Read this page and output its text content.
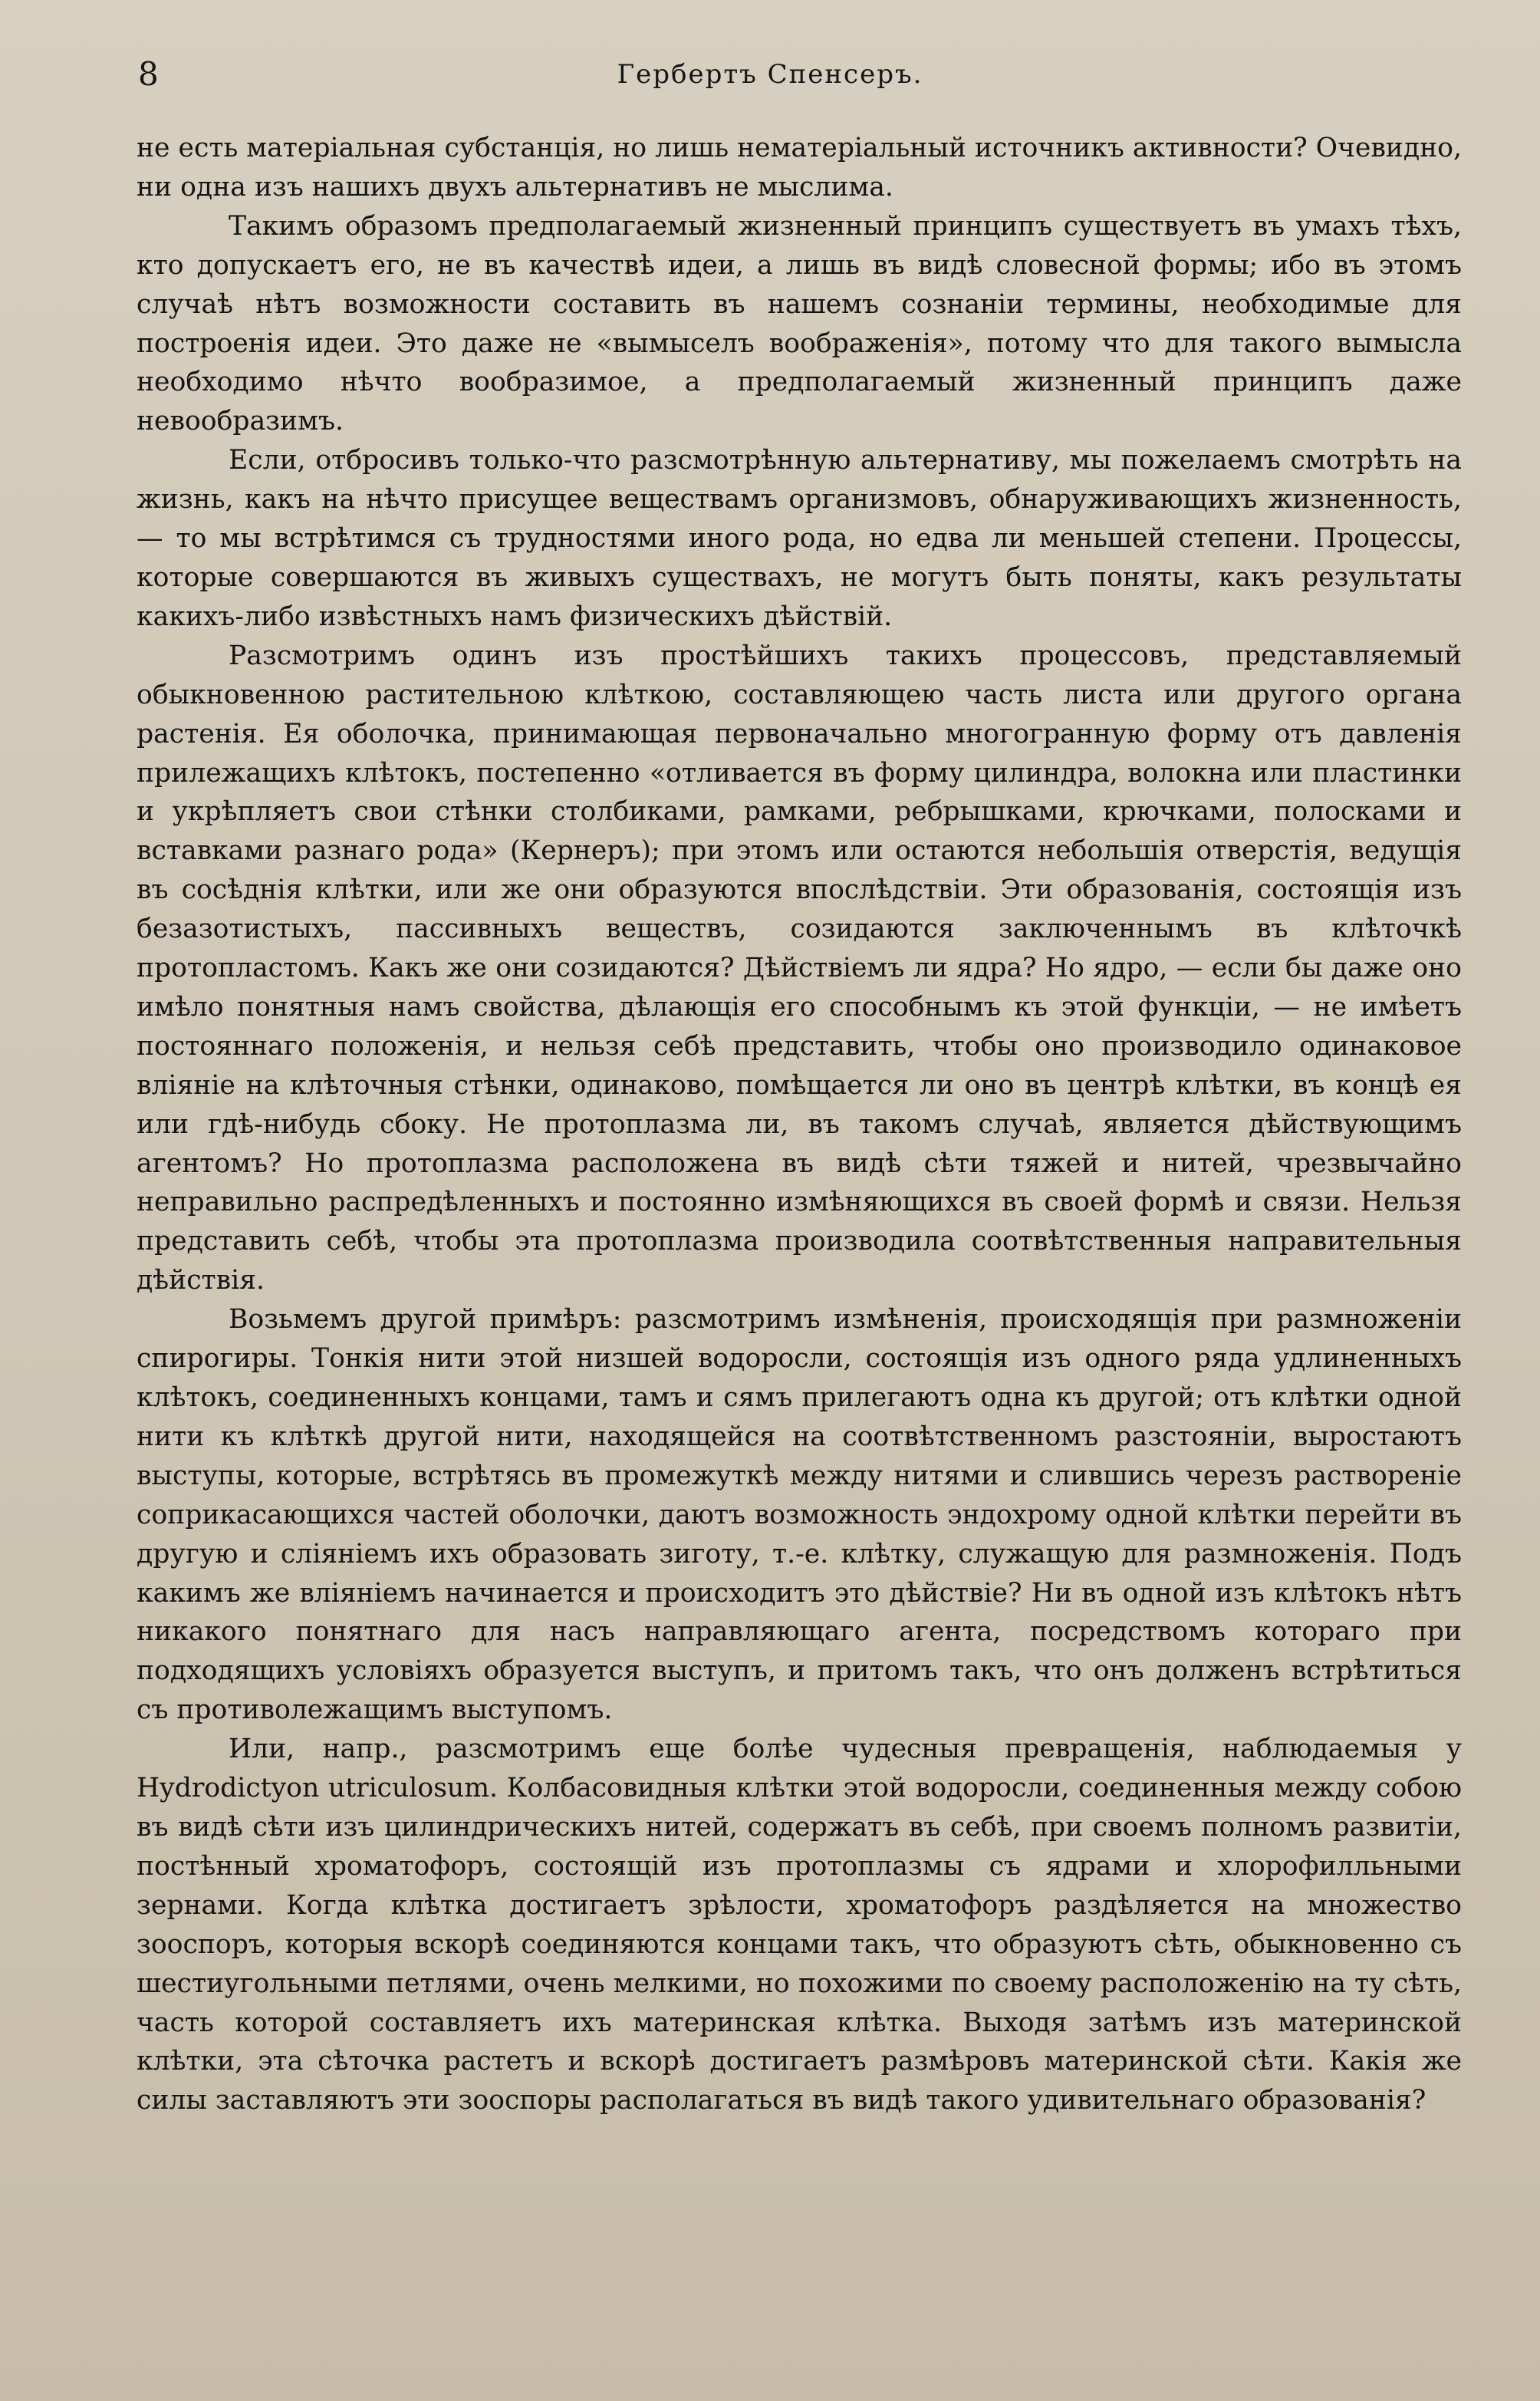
8	Гербертъ Спенсеръ.

не есть матеріальная субстанція, но лишь нематеріальный источникъ активности? Очевидно, ни одна изъ нашихъ двухъ альтернативъ не мыслима.

Такимъ образомъ предполагаемый жизненный принципъ существуетъ въ умахъ тѣхъ, кто допускаетъ его, не въ качествѣ идеи, а лишь въ видѣ словесной формы; ибо въ этомъ случаѣ нѣтъ возможности составить въ нашемъ сознаніи термины, необходимые для построенія идеи. Это даже не «вымыселъ воображенія», потому что для такого вымысла необходимо нѣчто вообразимое, а предполагаемый жизненный принципъ даже невообразимъ.

Если, отбросивъ только-что разсмотрѣнную альтернативу, мы пожелаемъ смотрѣть на жизнь, какъ на нѣчто присущее веществамъ организмовъ, обнаруживающихъ жизненность,— то мы встрѣтимся съ трудностями иного рода, но едва ли меньшей степени. Процессы, которые совершаются въ живыхъ существахъ, не могутъ быть поняты, какъ результаты какихъ-либо извѣстныхъ намъ физическихъ дѣйствій.

Разсмотримъ одинъ изъ простѣйшихъ такихъ процессовъ, представляемый обыкновенною растительною клѣткою, составляющею часть листа или другого органа растенія. Ея оболочка, принимающая первоначально многогранную форму отъ давленія прилежащихъ клѣтокъ, постепенно «отливается въ форму цилиндра, волокна или пластинки и укрѣпляетъ свои стѣнки столбиками, рамками, ребрышками, крючками, полосками и вставками разнаго рода» (Кернеръ); при этомъ или остаются небольшія отверстія, ведущія въ сосѣднія клѣтки, или же они образуются впослѣдствіи. Эти образованія, состоящія изъ безазотистыхъ, пассивныхъ веществъ, созидаются заключеннымъ въ клѣточкѣ протопластомъ. Какъ же они созидаются? Дѣйствіемъ ли ядра? Но ядро, — если бы даже оно имѣло понятныя намъ свойства, дѣлающія его способнымъ къ этой функціи, — не имѣетъ постояннаго положенія, и нельзя себѣ представить, чтобы оно производило одинаковое вліяніе на клѣточныя стѣнки, одинаково, помѣщается ли оно въ центрѣ клѣтки, въ концѣ ея или гдѣ-нибудь сбоку. Не протоплазма ли, въ такомъ случаѣ, является дѣйствующимъ агентомъ? Но протоплазма расположена въ видѣ сѣти тяжей и нитей, чрезвычайно неправильно распредѣленныхъ и постоянно измѣняющихся въ своей формѣ и связи. Нельзя представить себѣ, чтобы эта протоплазма производила соотвѣтственныя направительныя дѣйствія.

Возьмемъ другой примѣръ: разсмотримъ измѣненія, происходящія при размноженіи спирогиры. Тонкія нити этой низшей водоросли, состоящія изъ одного ряда удлиненныхъ клѣтокъ, соединенныхъ концами, тамъ и сямъ прилегаютъ одна къ другой; отъ клѣтки одной нити къ клѣткѣ другой нити, находящейся на соотвѣтственномъ разстояніи, выростаютъ выступы, которые, встрѣтясь въ промежуткѣ между нитями и слившись черезъ раствореніе соприкасающихся частей оболочки, даютъ возможность эндохрому одной клѣтки перейти въ другую и сліяніемъ ихъ образовать зиготу, т.-е. клѣтку, служащую для размноженія. Подъ какимъ же вліяніемъ начинается и происходитъ это дѣйствіе? Ни въ одной изъ клѣтокъ нѣтъ никакого понятнаго для насъ направляющаго агента, посредствомъ котораго при подходящихъ условіяхъ образуется выступъ, и притомъ такъ, что онъ долженъ встрѣтиться съ противолежащимъ выступомъ.

Или, напр., разсмотримъ еще болѣе чудесныя превращенія, наблюдаемыя у Hydrodictyon utriculosum. Колбасовидныя клѣтки этой водоросли, соединенныя между собою въ видѣ сѣти изъ цилиндрическихъ нитей, содержатъ въ себѣ, при своемъ полномъ развитіи, постѣнный хроматофоръ, состоящій изъ протоплазмы съ ядрами и хлорофилльными зернами. Когда клѣтка достигаетъ зрѣлости, хроматофоръ раздѣляется на множество зооспоръ, которыя вскорѣ соединяются концами такъ, что образуютъ сѣть, обыкновенно съ шестиугольными петлями, очень мелкими, но похожими по своему расположенію на ту сѣть, часть которой составляетъ ихъ материнская клѣтка. Выходя затѣмъ изъ материнской клѣтки, эта сѣточка растетъ и вскорѣ достигаетъ размѣровъ материнской сѣти. Какія же силы заставляютъ эти зооспоры располагаться въ видѣ такого удивительнаго образованія?
